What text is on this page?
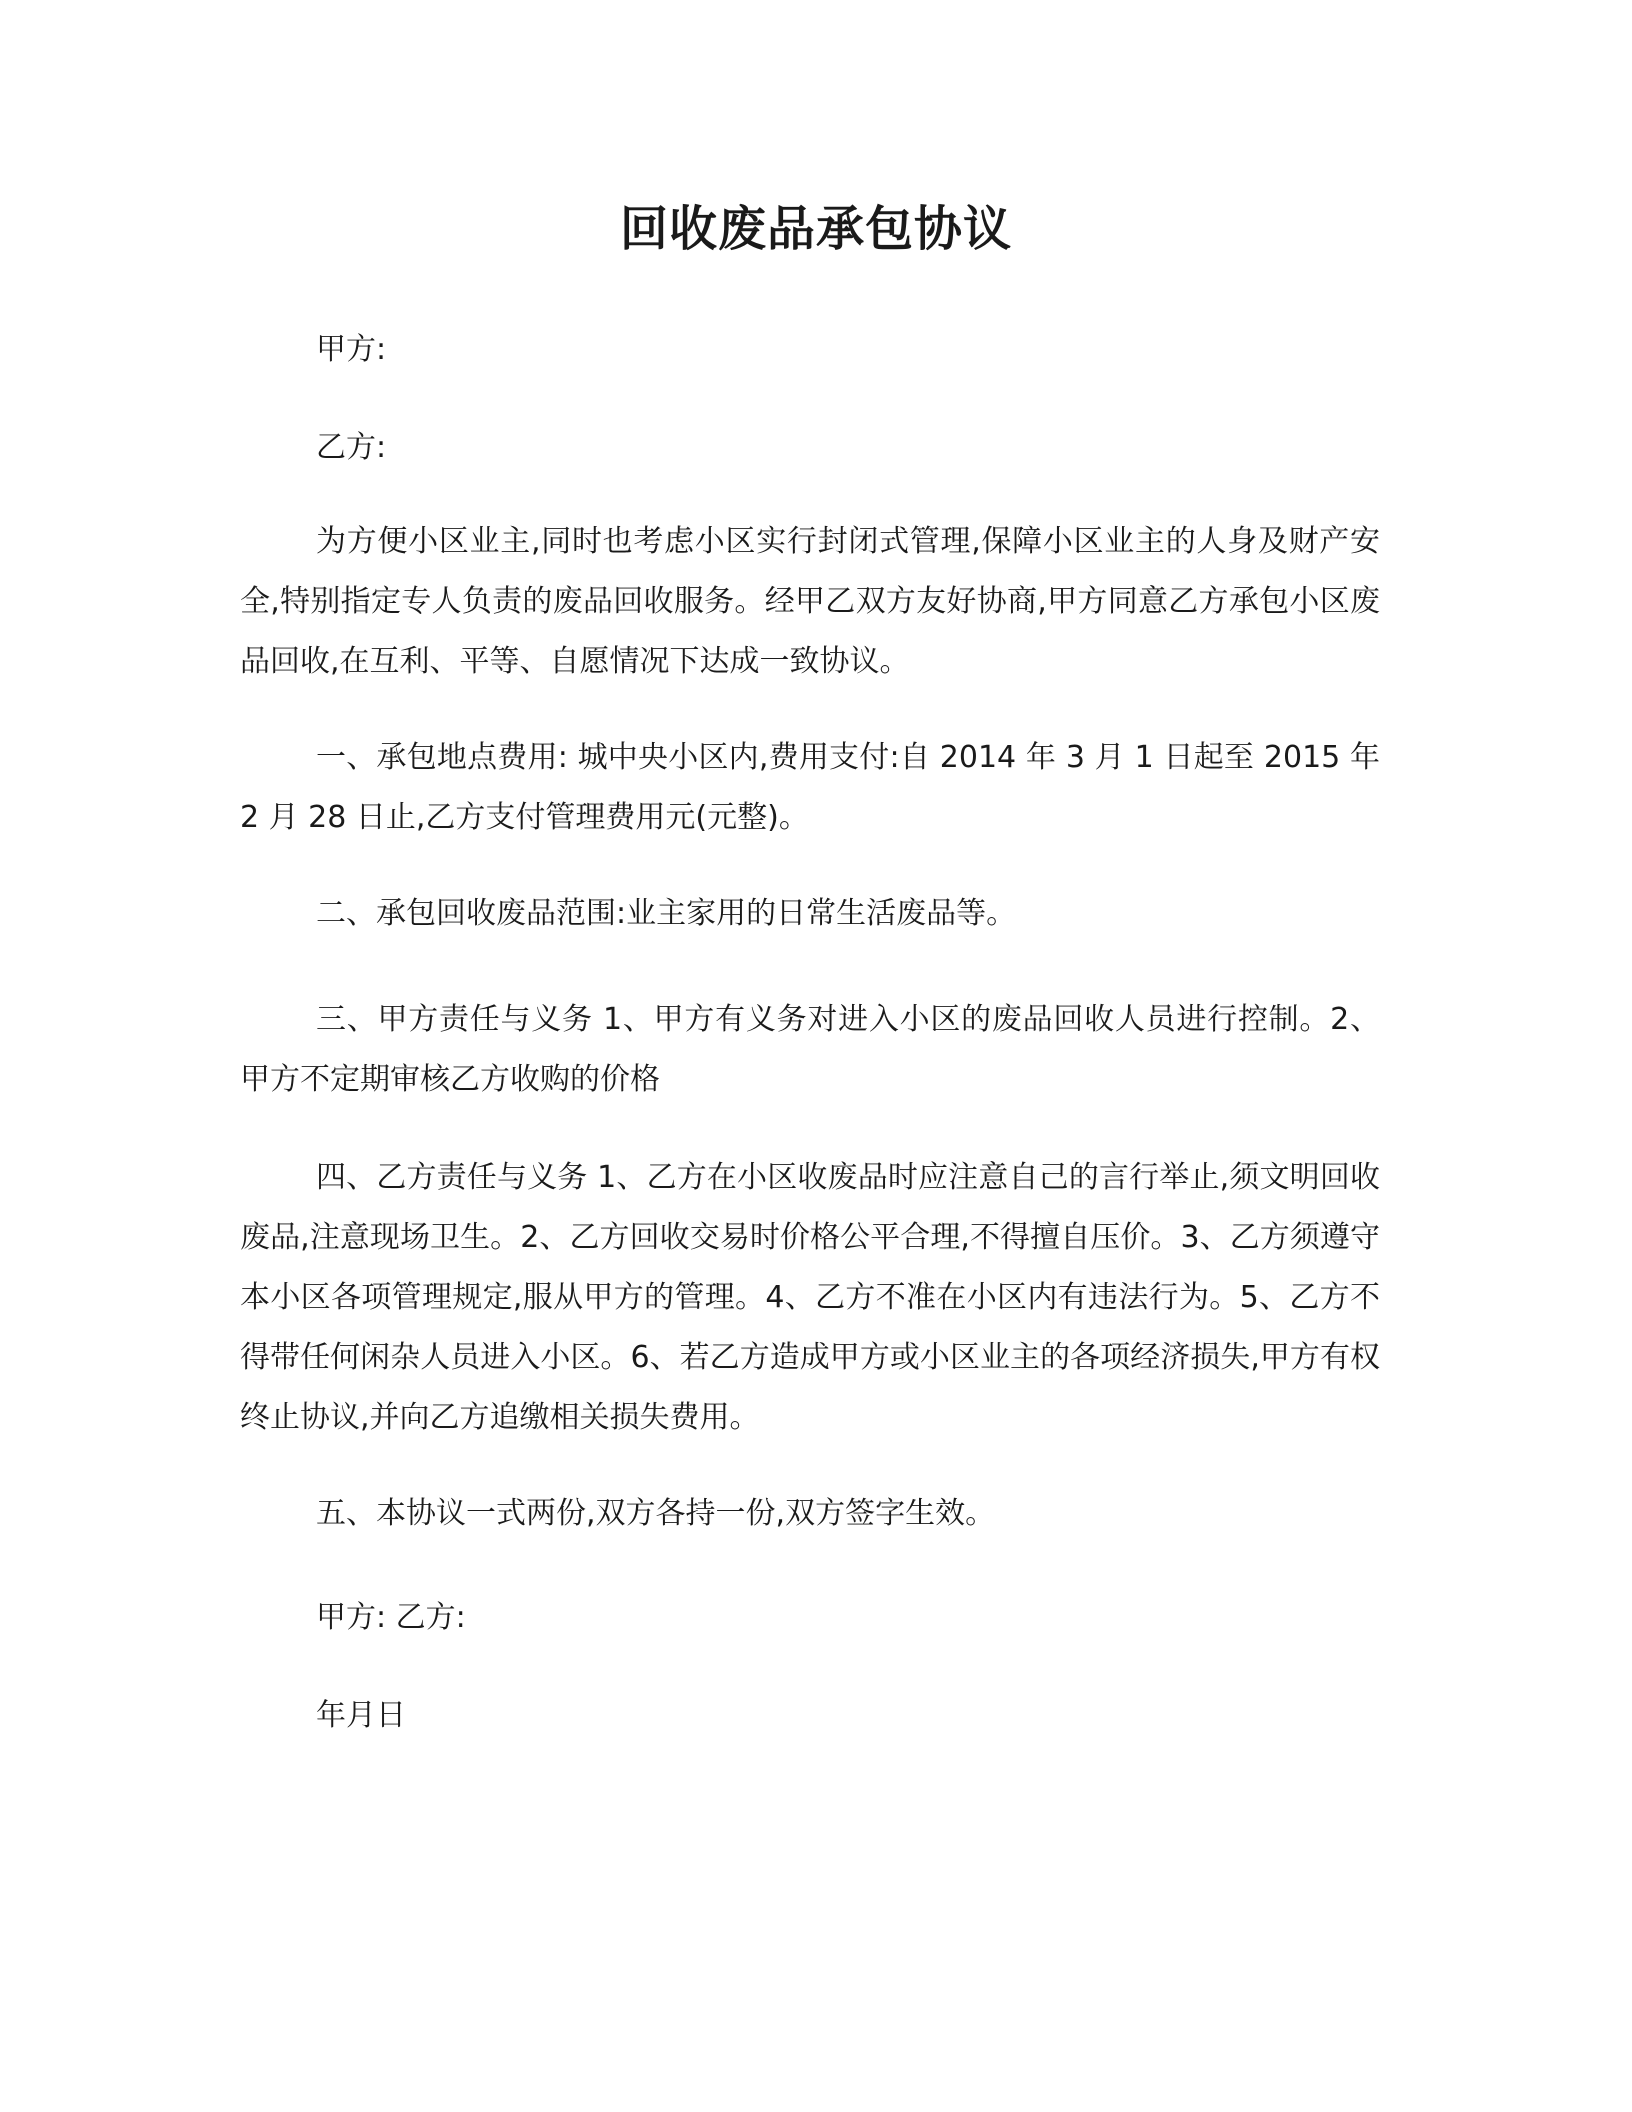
回收废品承包协议

甲方:

乙方:

为方便小区业主,同时也考虑小区实行封闭式管理,保障小区业主的人身及财产安全,特别指定专人负责的废品回收服务。经甲乙双方友好协商,甲方同意乙方承包小区废品回收,在互利、平等、自愿情况下达成一致协议。

一、承包地点费用: 城中央小区内,费用支付:自 2014 年 3 月 1 日起至 2015 年 2 月 28 日止,乙方支付管理费用元(元整)。

二、承包回收废品范围:业主家用的日常生活废品等。

三、甲方责任与义务 1、甲方有义务对进入小区的废品回收人员进行控制。2、甲方不定期审核乙方收购的价格

四、乙方责任与义务 1、乙方在小区收废品时应注意自己的言行举止,须文明回收废品,注意现场卫生。2、乙方回收交易时价格公平合理,不得擅自压价。3、乙方须遵守本小区各项管理规定,服从甲方的管理。4、乙方不准在小区内有违法行为。5、乙方不得带任何闲杂人员进入小区。6、若乙方造成甲方或小区业主的各项经济损失,甲方有权终止协议,并向乙方追缴相关损失费用。

五、本协议一式两份,双方各持一份,双方签字生效。

甲方: 乙方:

年月日
